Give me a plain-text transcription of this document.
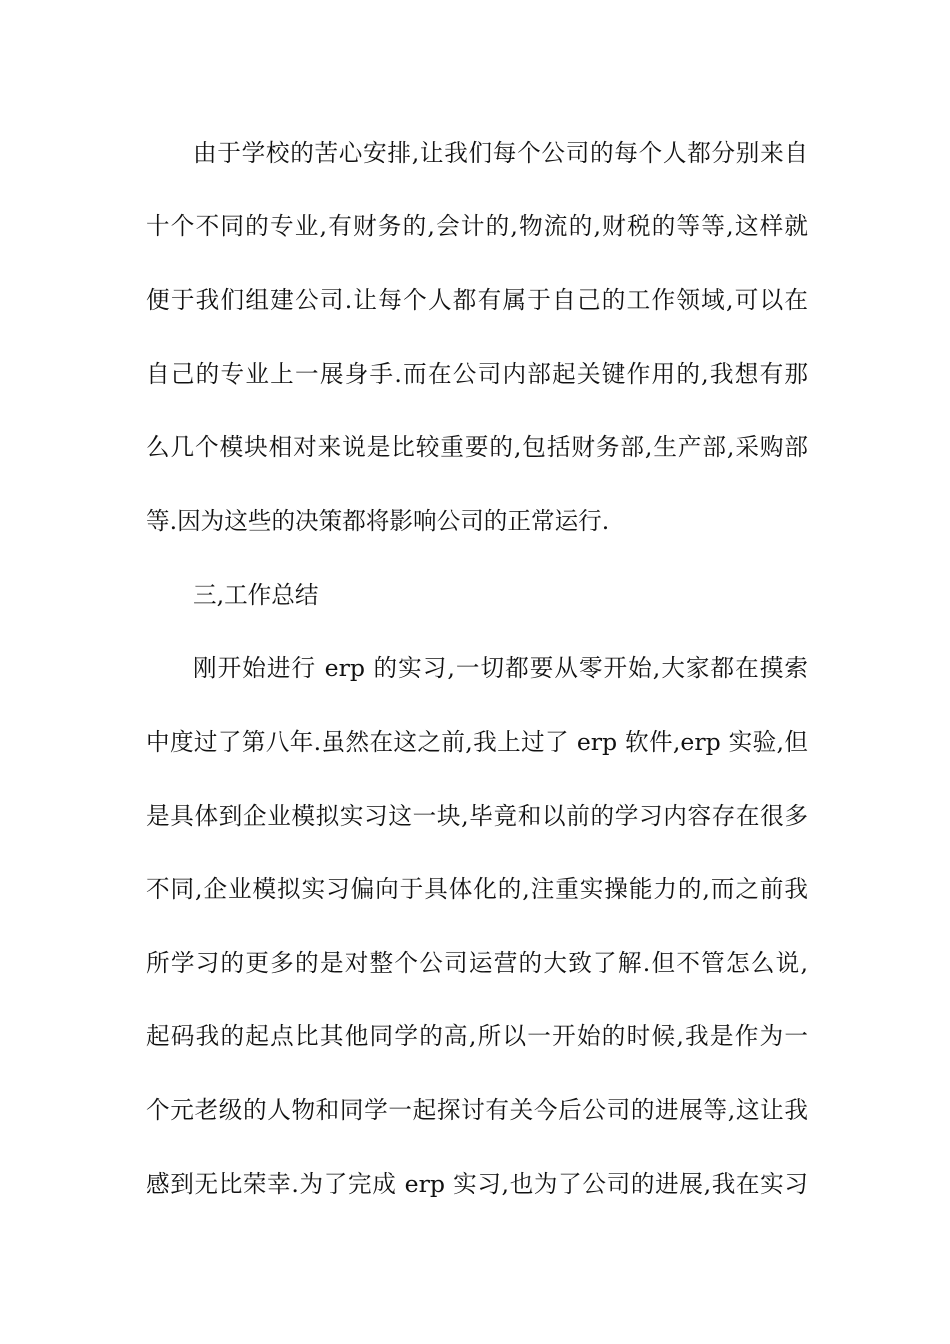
由于学校的苦心安排,让我们每个公司的每个人都分别来自
十个不同的专业,有财务的,会计的,物流的,财税的等等,这样就
便于我们组建公司.让每个人都有属于自己的工作领域,可以在
自己的专业上一展身手.而在公司内部起关键作用的,我想有那
么几个模块相对来说是比较重要的,包括财务部,生产部,采购部
等.因为这些的决策都将影响公司的正常运行.
三,工作总结
刚开始进行 erp 的实习,一切都要从零开始,大家都在摸索
中度过了第八年.虽然在这之前,我上过了 erp 软件,erp 实验,但
是具体到企业模拟实习这一块,毕竟和以前的学习内容存在很多
不同,企业模拟实习偏向于具体化的,注重实操能力的,而之前我
所学习的更多的是对整个公司运营的大致了解.但不管怎么说,
起码我的起点比其他同学的高,所以一开始的时候,我是作为一
个元老级的人物和同学一起探讨有关今后公司的进展等,这让我
感到无比荣幸.为了完成 erp 实习,也为了公司的进展,我在实习
